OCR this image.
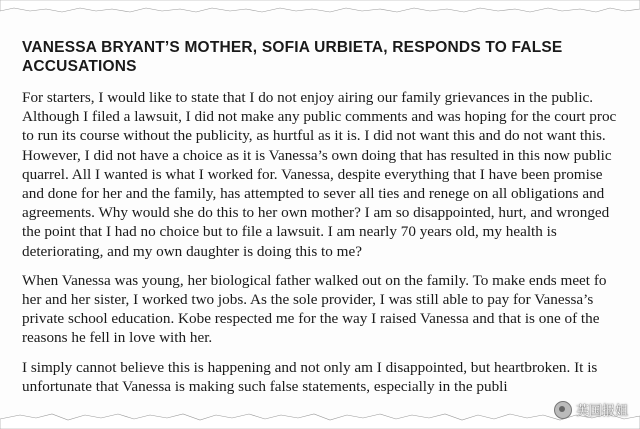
VANESSA BRYANT’S MOTHER, SOFIA URBIETA, RESPONDS TO FALSE
ACCUSATIONS
For starters, I would like to state that I do not enjoy airing our family grievances in the public.
Although I filed a lawsuit, I did not make any public comments and was hoping for the court proc
to run its course without the publicity, as hurtful as it is. I did not want this and do not want this.
However, I did not have a choice as it is Vanessa’s own doing that has resulted in this now public
quarrel. All I wanted is what I worked for. Vanessa, despite everything that I have been promise
and done for her and the family, has attempted to sever all ties and renege on all obligations and
agreements. Why would she do this to her own mother? I am so disappointed, hurt, and wronged
the point that I had no choice but to file a lawsuit. I am nearly 70 years old, my health is
deteriorating, and my own daughter is doing this to me?
When Vanessa was young, her biological father walked out on the family. To make ends meet fo
her and her sister, I worked two jobs. As the sole provider, I was still able to pay for Vanessa’s
private school education. Kobe respected me for the way I raised Vanessa and that is one of the
reasons he fell in love with her.
I simply cannot believe this is happening and not only am I disappointed, but heartbroken. It is
unfortunate that Vanessa is making such false statements, especially in the publi
英国报姐
